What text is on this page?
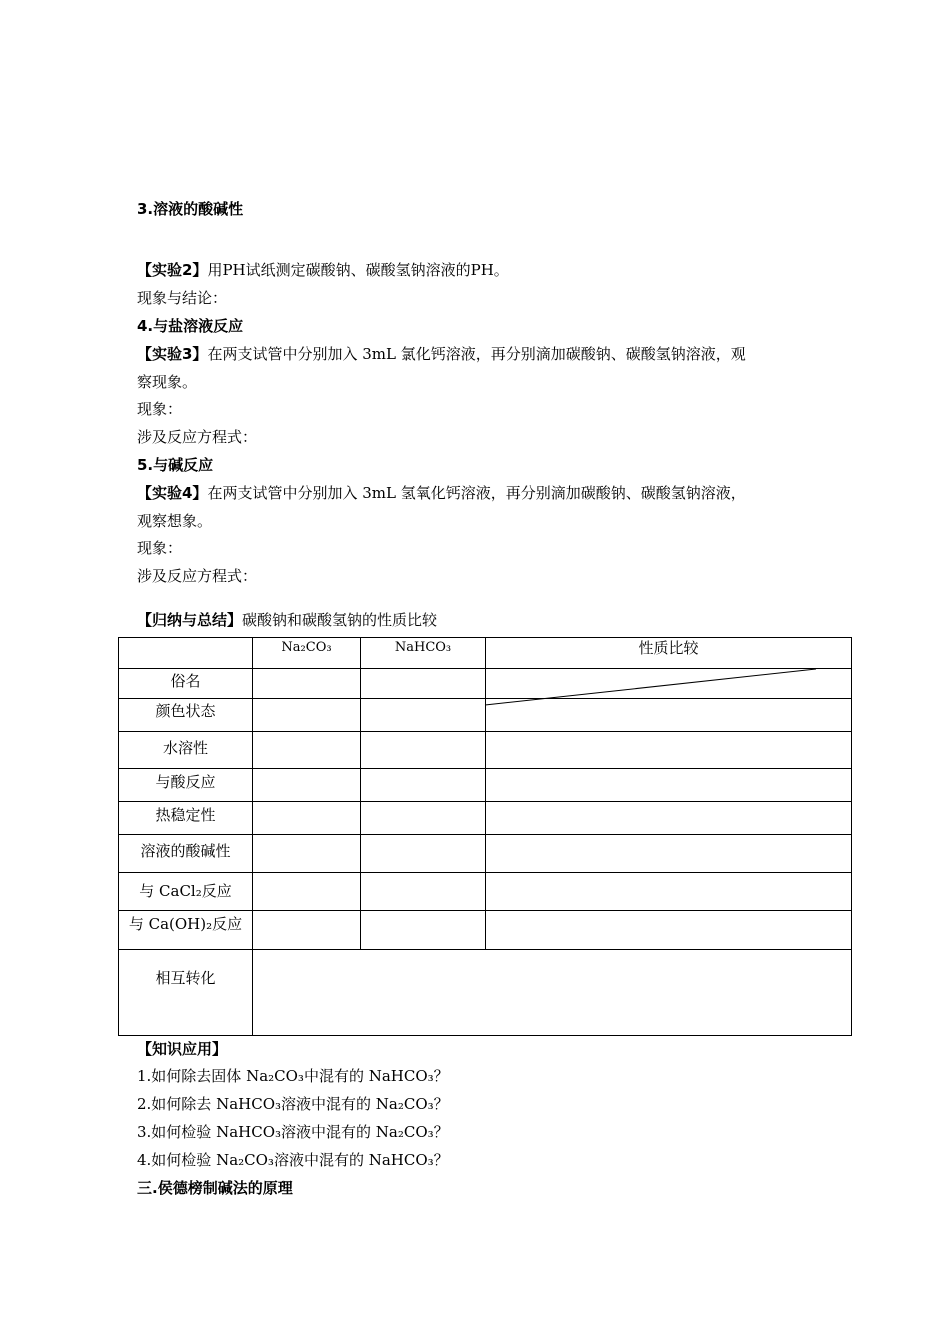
3.溶液的酸碱性
【实验2】用PH试纸测定碳酸钠、碳酸氢钠溶液的PH。
现象与结论：
4.与盐溶液反应
【实验3】在两支试管中分别加入 3mL 氯化钙溶液，再分别滴加碳酸钠、碳酸氢钠溶液，观
察现象。
现象：
涉及反应方程式：
5.与碱反应
【实验4】在两支试管中分别加入 3mL 氢氧化钙溶液，再分别滴加碳酸钠、碳酸氢钠溶液，
观察想象。
现象：
涉及反应方程式：
【归纳与总结】碳酸钠和碳酸氢钠的性质比较
	Na₂CO₃	NaHCO₃	性质比较
俗名			
颜色状态			
水溶性			
与酸反应			
热稳定性			
溶液的酸碱性			
与 CaCl₂反应			
与 Ca(OH)₂反应			
相互转化			
【知识应用】
1.如何除去固体 Na₂CO₃中混有的 NaHCO₃？
2.如何除去 NaHCO₃溶液中混有的 Na₂CO₃？
3.如何检验 NaHCO₃溶液中混有的 Na₂CO₃？
4.如何检验 Na₂CO₃溶液中混有的 NaHCO₃？
三.侯德榜制碱法的原理
